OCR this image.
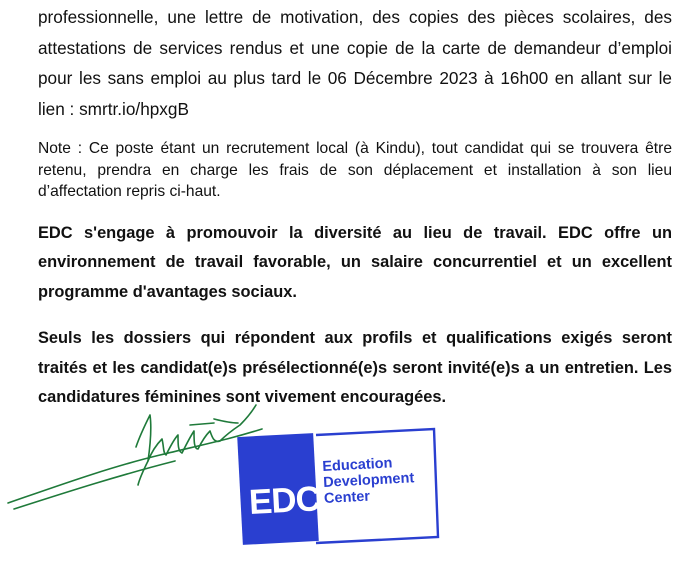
professionnelle, une lettre de motivation, des copies des pièces scolaires, des attestations de services rendus et une copie de la carte de demandeur d’emploi pour les sans emploi au plus tard le 06 Décembre 2023 à 16h00 en allant sur le lien : smrtr.io/hpxgB

Note : Ce poste étant un recrutement local (à Kindu), tout candidat qui se trouvera être retenu, prendra en charge les frais de son déplacement et installation à son lieu d’affectation repris ci-haut.

EDC s'engage à promouvoir la diversité au lieu de travail. EDC offre un environnement de travail favorable, un salaire concurrentiel et un excellent programme d'avantages sociaux.

Seuls les dossiers qui répondent aux profils et qualifications exigés seront traités et les candidat(e)s présélectionné(e)s seront invité(e)s a un entretien. Les candidatures féminines sont vivement encouragées.

EDC
Education
Development
Center
